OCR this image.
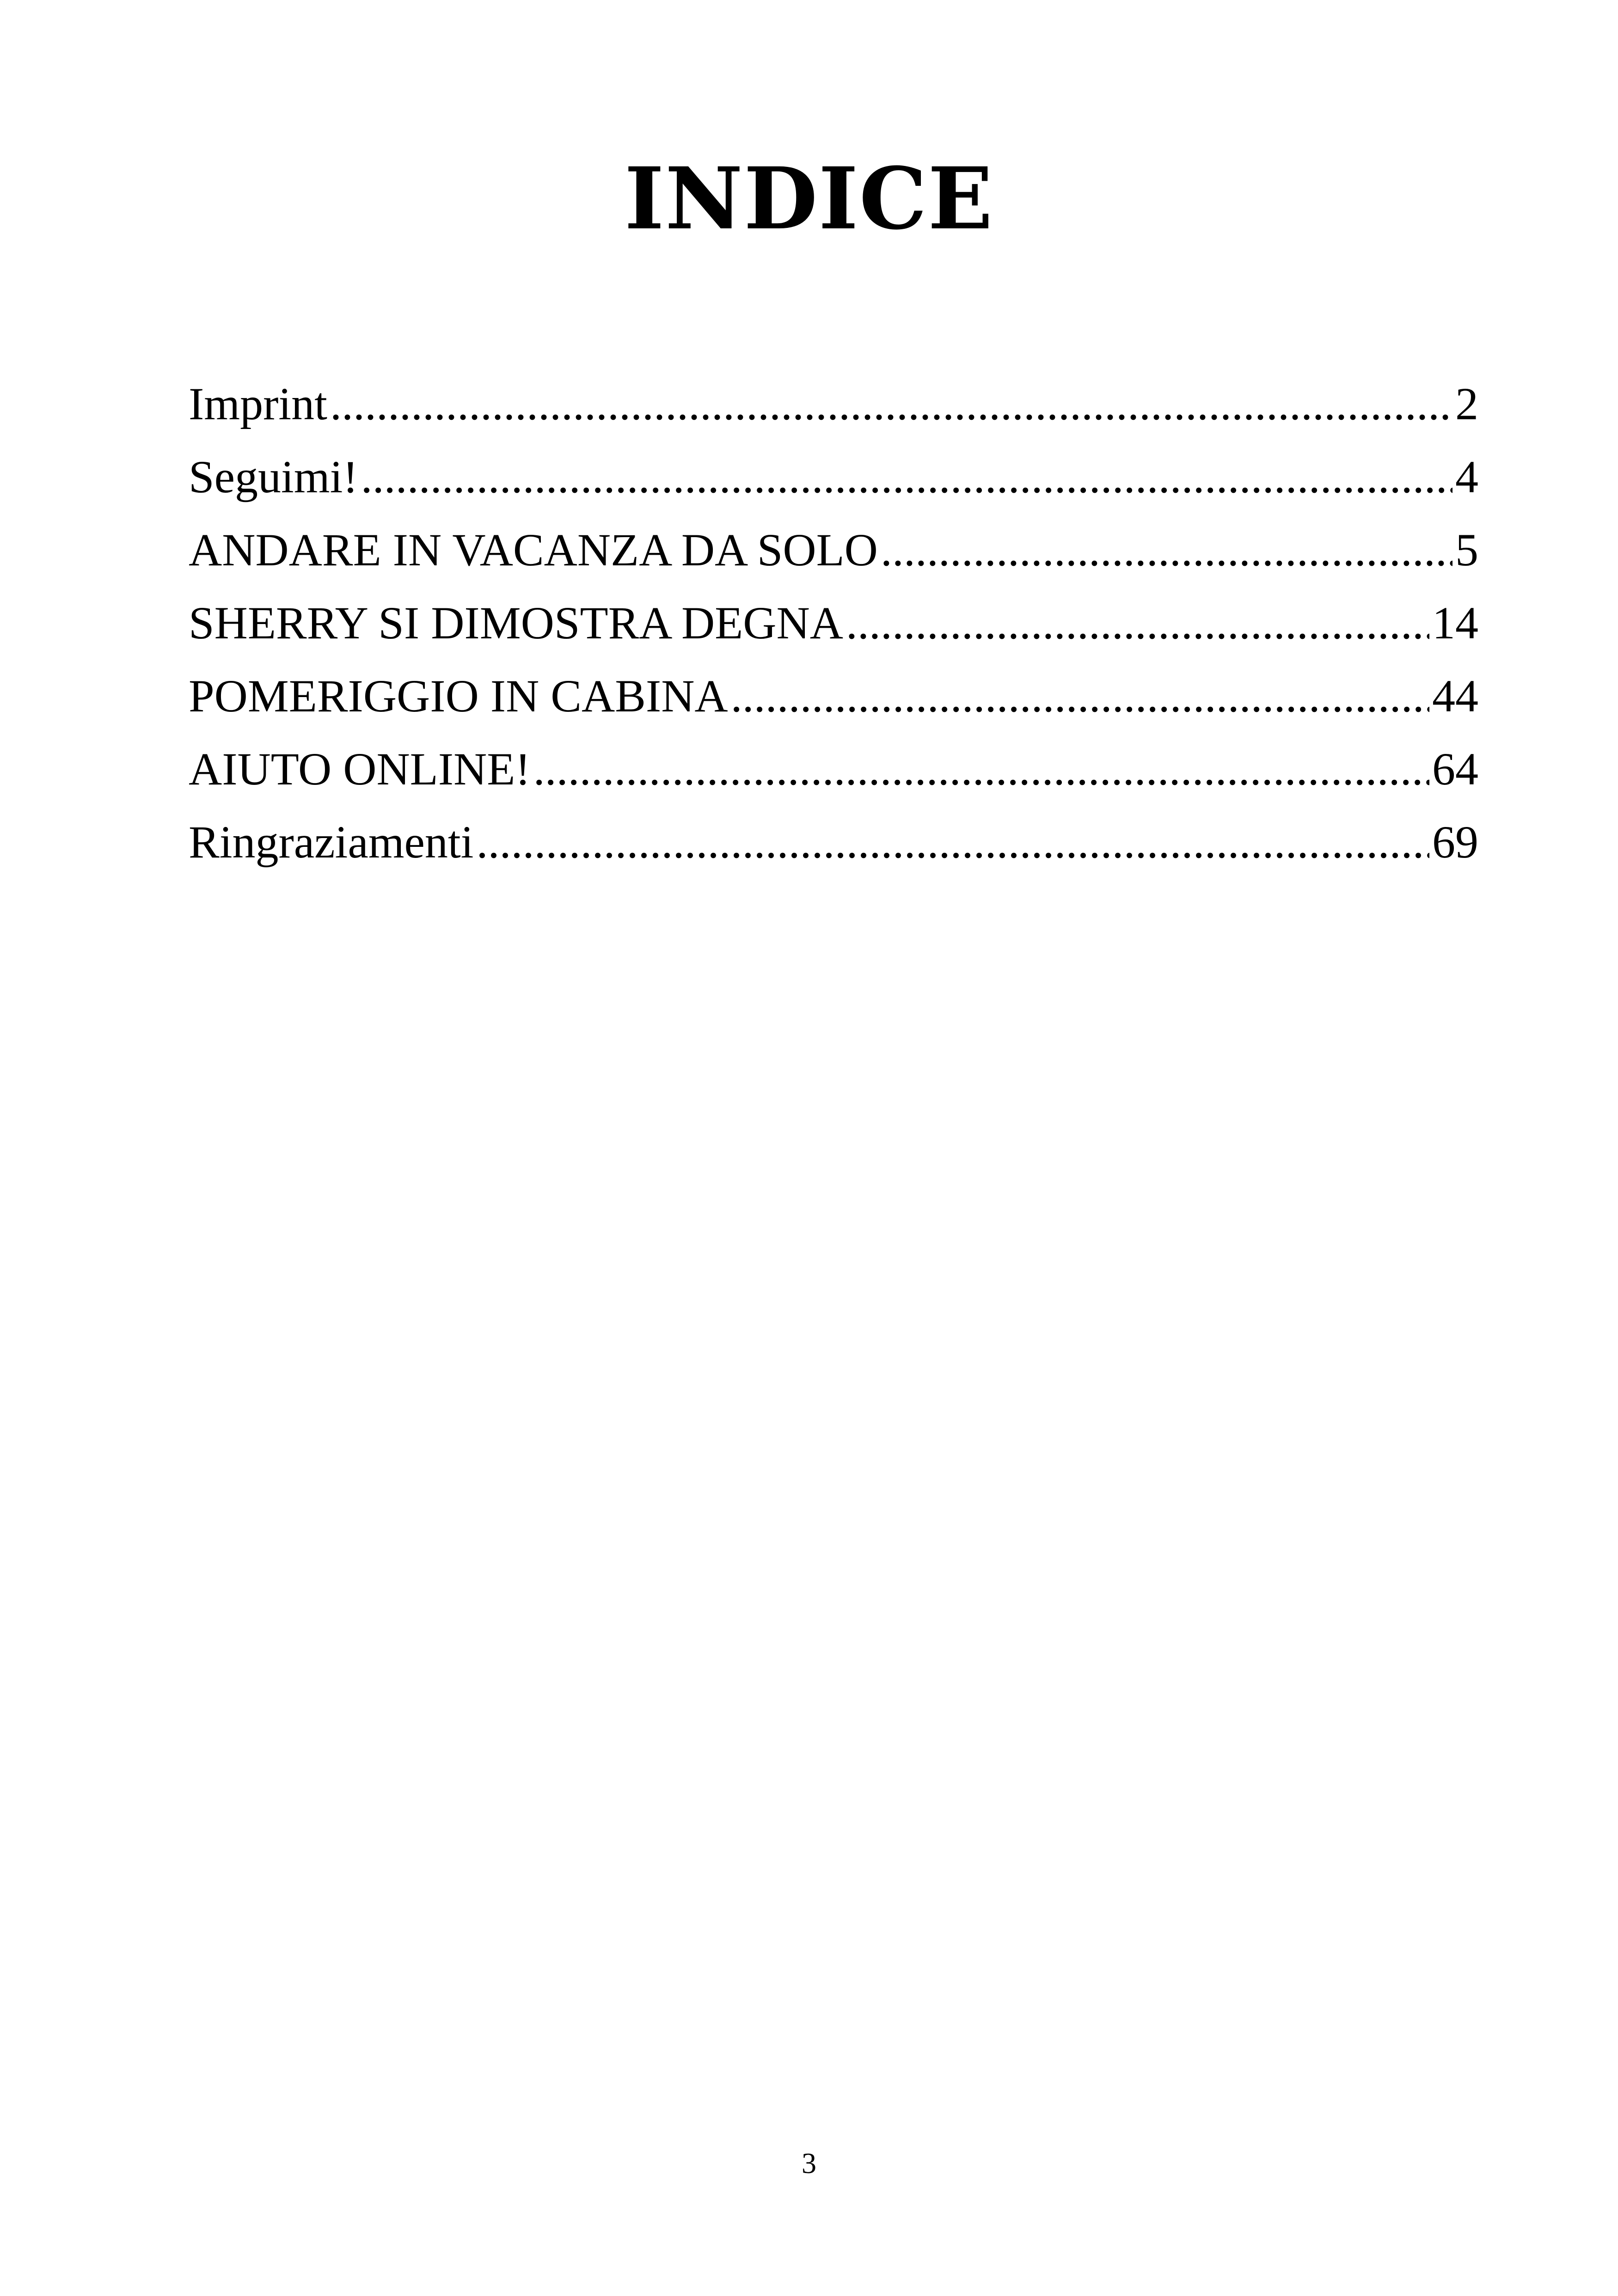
INDICE
Imprint .....	2
Seguimi! .....	4
ANDARE IN VACANZA DA SOLO .....	5
SHERRY SI DIMOSTRA DEGNA .....	14
POMERIGGIO IN CABINA .....	44
AIUTO ONLINE! .....	64
Ringraziamenti .....	69
3
